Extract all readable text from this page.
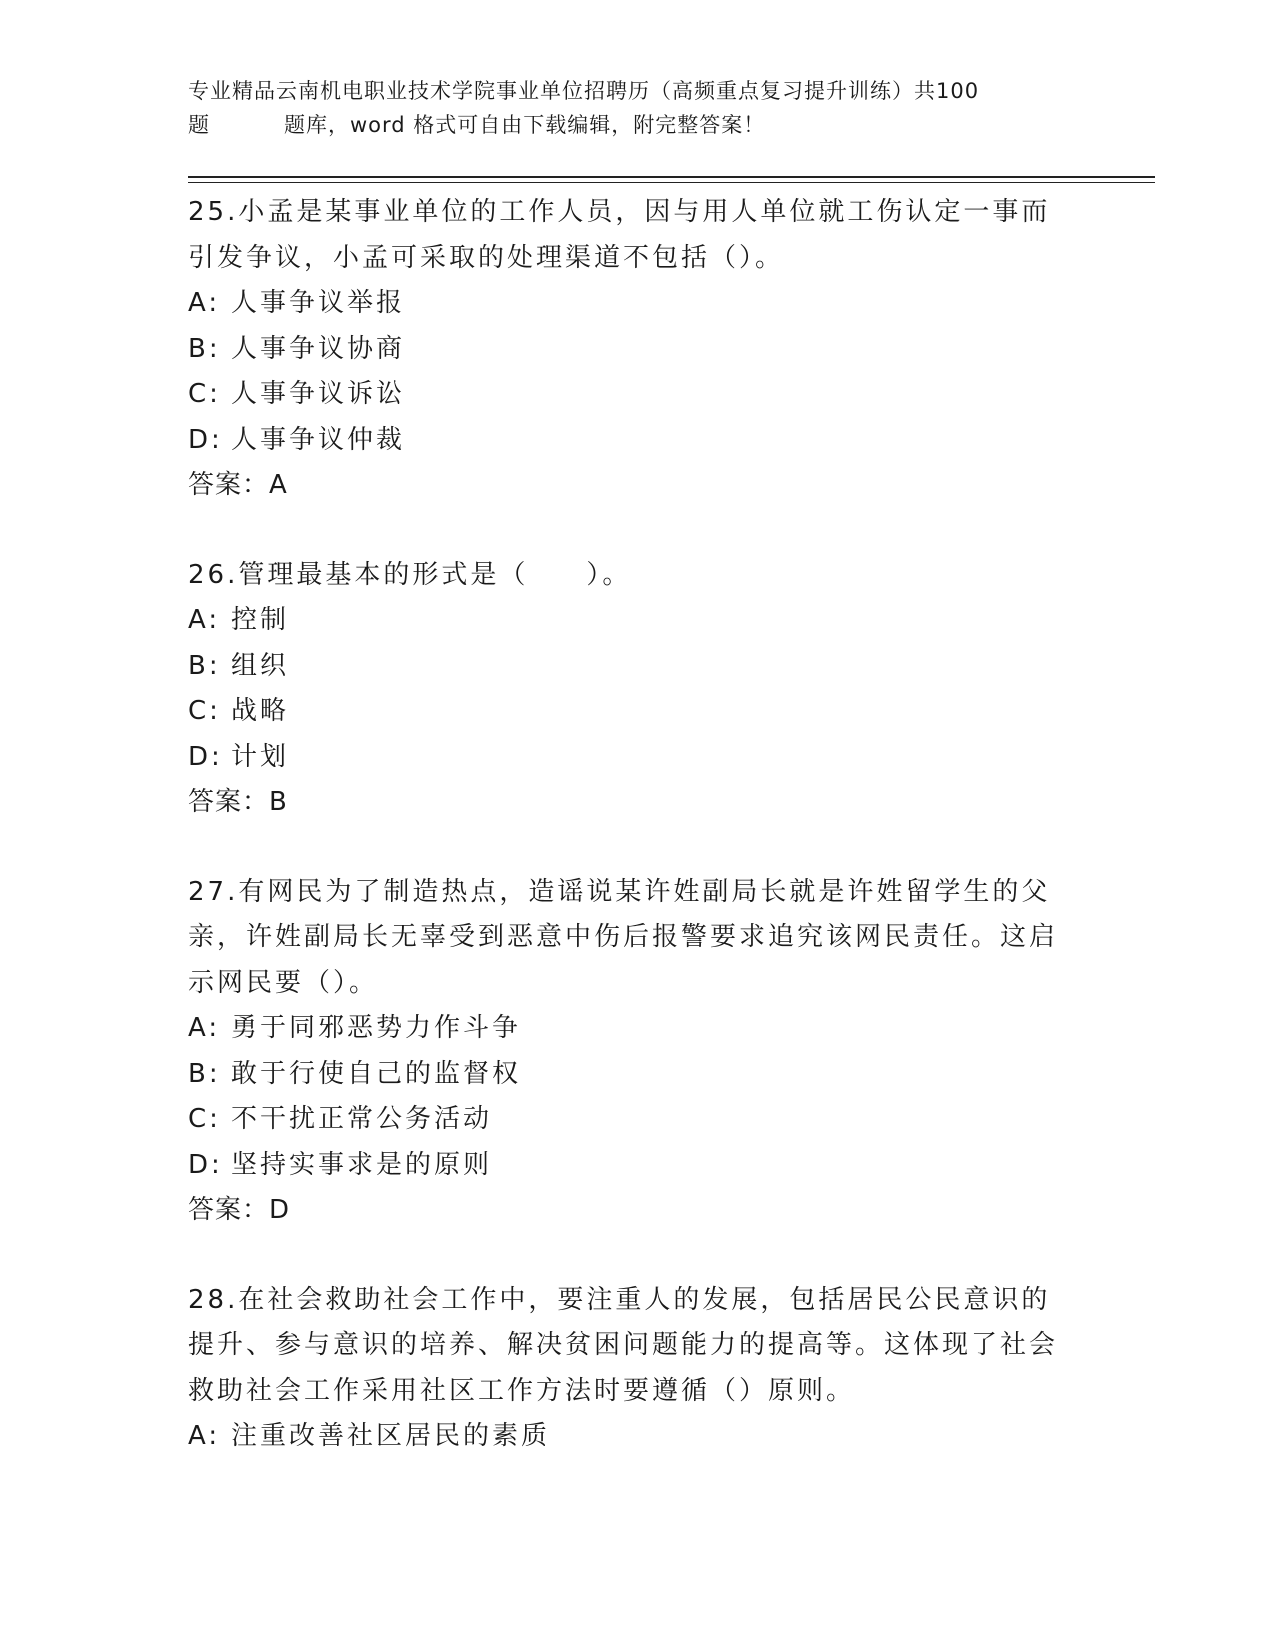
专业精品云南机电职业技术学院事业单位招聘历（高频重点复习提升训练）共100
题	题库，word 格式可自由下载编辑，附完整答案！

25.小孟是某事业单位的工作人员，因与用人单位就工伤认定一事而引发争议，小孟可采取的处理渠道不包括（）。

A: 人事争议举报

B: 人事争议协商

C: 人事争议诉讼

D: 人事争议仲裁

答案：A

26.管理最基本的形式是（　　）。

A: 控制

B: 组织

C: 战略

D: 计划

答案：B

27.有网民为了制造热点，造谣说某许姓副局长就是许姓留学生的父亲，许姓副局长无辜受到恶意中伤后报警要求追究该网民责任。这启示网民要（）。

A: 勇于同邪恶势力作斗争

B: 敢于行使自己的监督权

C: 不干扰正常公务活动

D: 坚持实事求是的原则

答案：D

28.在社会救助社会工作中，要注重人的发展，包括居民公民意识的提升、参与意识的培养、解决贫困问题能力的提高等。这体现了社会救助社会工作采用社区工作方法时要遵循（）原则。

A: 注重改善社区居民的素质
